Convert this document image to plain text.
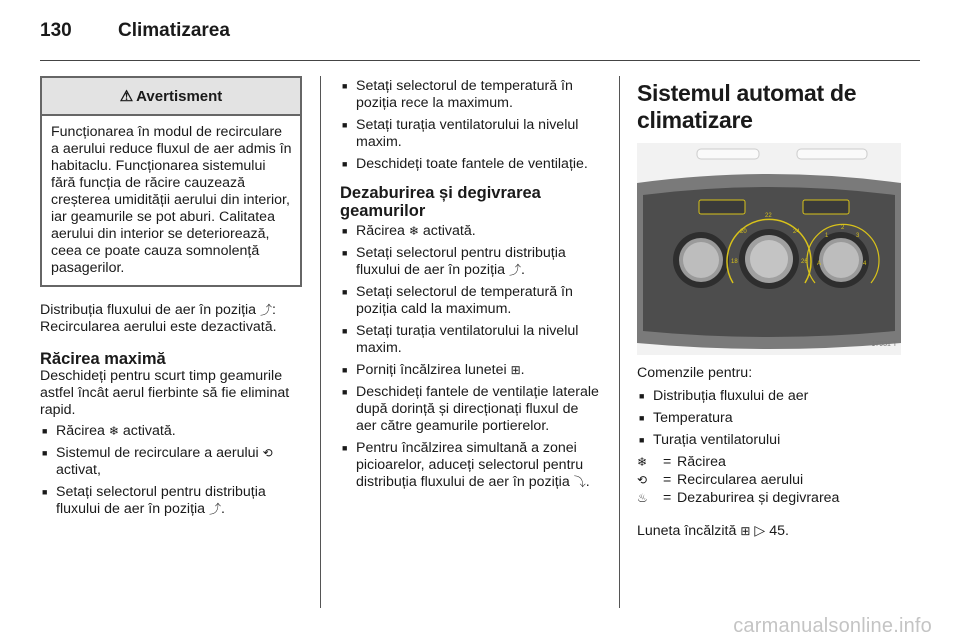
130	Climatizarea
⚠ Avertisment

Funcționarea în modul de recirculare a aerului reduce fluxul de aer admis în habitaclu. Funcționarea sistemului fără funcția de răcire cauzează creșterea umidității aerului din interior, iar geamurile se pot aburi. Calitatea aerului din interior se deteriorează, ceea ce poate cauza somnolență pasagerilor.

Distribuția fluxului de aer în poziția ⤴: Recircularea aerului este dezactivată.

Răcirea maximă

Deschideți pentru scurt timp geamurile astfel încât aerul fierbinte să fie eliminat rapid.

■ Răcirea ❄ activată.
■ Sistemul de recirculare a aerului ⟲ activat,
■ Setați selectorul pentru distribuția fluxului de aer în poziția ⤴.
■ Setați selectorul de temperatură în poziția rece la maximum.
■ Setați turația ventilatorului la nivelul maxim.
■ Deschideți toate fantele de ventilație.

Dezaburirea și degivrarea geamurilor

■ Răcirea ❄ activată.
■ Setați selectorul pentru distribuția fluxului de aer în poziția ⤴.
■ Setați selectorul de temperatură în poziția cald la maximum.
■ Setați turația ventilatorului la nivelul maxim.
■ Porniți încălzirea lunetei ⊞.
■ Deschideți fantele de ventilație laterale după dorință și direcționați fluxul de aer către geamurile portierelor.
■ Pentru încălzirea simultană a zonei picioarelor, aduceți selectorul pentru distribuția fluxului de aer în poziția ⤵.

Sistemul automat de climatizare

18
20
22
24
26 A
1
2
3
4
17931 T

Comenzile pentru:

■ Distribuția fluxului de aer
■ Temperatura
■ Turația ventilatorului
❄	= Răcirea
⟲	= Recircularea aerului
♨	= Dezaburirea și degivrarea

Luneta încălzită ⊞ ▷ 45.

carmanualsonline.info
